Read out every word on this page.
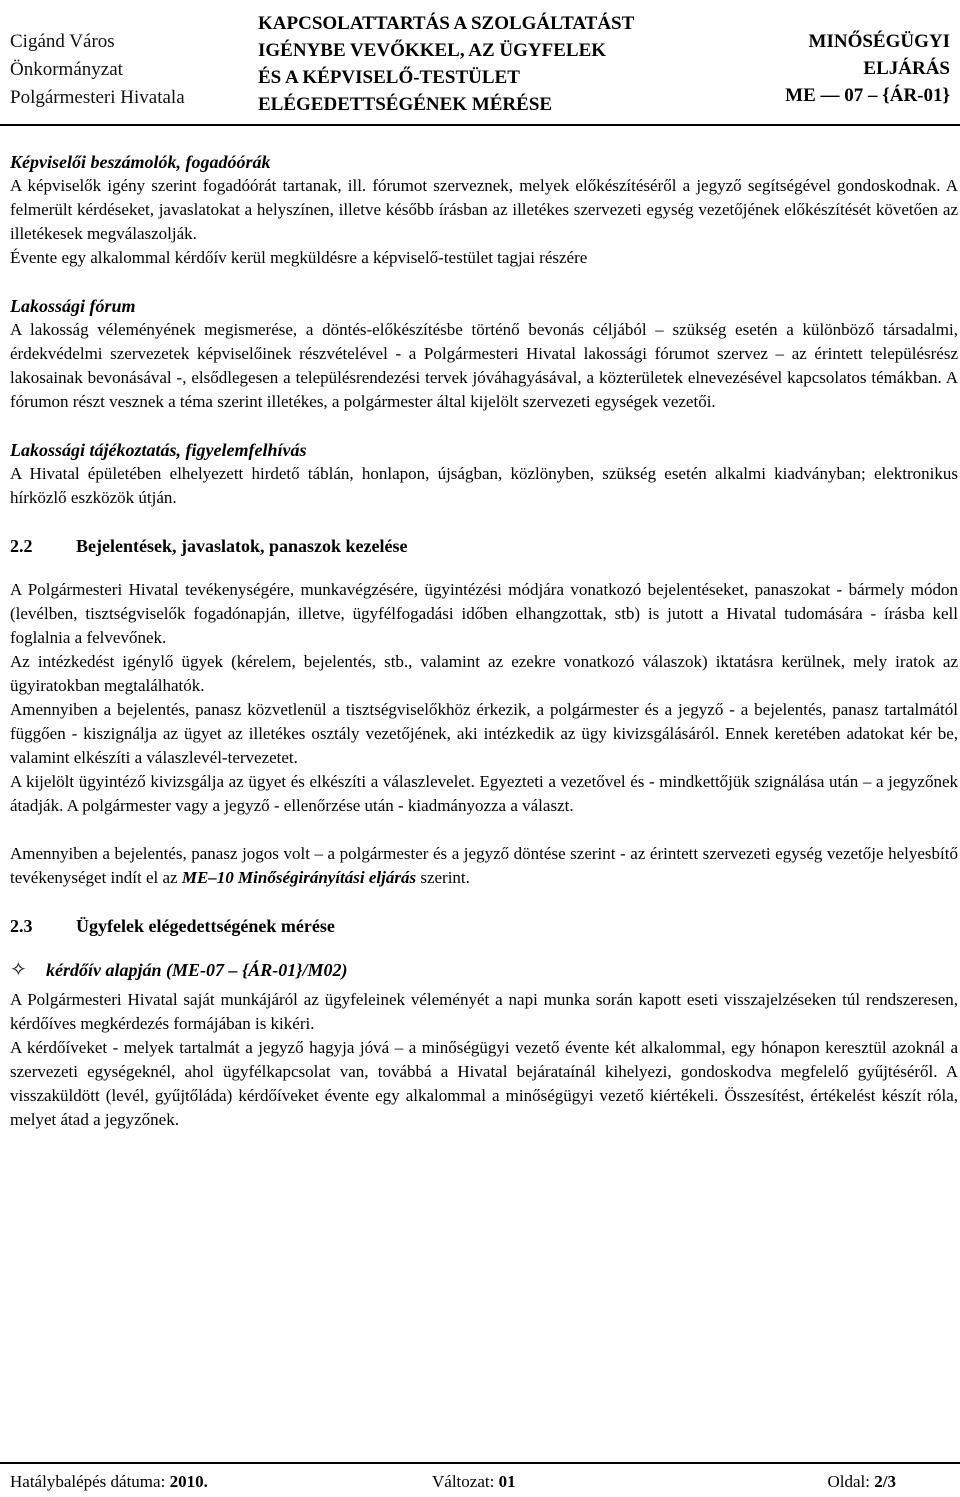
Cigánd Város
Önkormányzat
Polgármesteri Hivatala
KAPCSOLATTARTÁS A SZOLGÁLTATÁST
IGÉNYBE VEVŐKKEL, AZ ÜGYFELEK
ÉS A KÉPVISELŐ-TESTÜLET
ELÉGEDETTSÉGÉNEK MÉRÉSE
MINŐSÉGÜGYI
ELJÁRÁS
ME — 07 – {ÁR-01}
Képviselői beszámolók, fogadóórák

A képviselők igény szerint fogadóórát tartanak, ill. fórumot szerveznek, melyek előkészítéséről a jegyző segítségével gondoskodnak. A felmerült kérdéseket, javaslatokat a helyszínen, illetve később írásban az illetékes szervezeti egység vezetőjének előkészítését követően az illetékesek megválaszolják.

Évente egy alkalommal kérdőív kerül megküldésre a képviselő-testület tagjai részére

Lakossági fórum

A lakosság véleményének megismerése, a döntés-előkészítésbe történő bevonás céljából – szükség esetén a különböző társadalmi, érdekvédelmi szervezetek képviselőinek részvételével - a Polgármesteri Hivatal lakossági fórumot szervez – az érintett településrész lakosainak bevonásával -, elsődlegesen a településrendezési tervek jóváhagyásával, a közterületek elnevezésével kapcsolatos témákban. A fórumon részt vesznek a téma szerint illetékes, a polgármester által kijelölt szervezeti egységek vezetői.

Lakossági tájékoztatás, figyelemfelhívás

A Hivatal épületében elhelyezett hirdető táblán, honlapon, újságban, közlönyben, szükség esetén alkalmi kiadványban; elektronikus hírközlő eszközök útján.

2.2	Bejelentések, javaslatok, panaszok kezelése

A Polgármesteri Hivatal tevékenységére, munkavégzésére, ügyintézési módjára vonatkozó bejelentéseket, panaszokat - bármely módon (levélben, tisztségviselők fogadónapján, illetve, ügyfélfogadási időben elhangzottak, stb) is jutott a Hivatal tudomására - írásba kell foglalnia a felvevőnek.

Az intézkedést igénylő ügyek (kérelem, bejelentés, stb., valamint az ezekre vonatkozó válaszok) iktatásra kerülnek, mely iratok az ügyiratokban megtalálhatók.

Amennyiben a bejelentés, panasz közvetlenül a tisztségviselőkhöz érkezik, a polgármester és a jegyző - a bejelentés, panasz tartalmától függően - kiszignálja az ügyet az illetékes osztály vezetőjének, aki intézkedik az ügy kivizsgálásáról. Ennek keretében adatokat kér be, valamint elkészíti a válaszlevél-tervezetet.

A kijelölt ügyintéző kivizsgálja az ügyet és elkészíti a válaszlevelet. Egyezteti a vezetővel és - mindkettőjük szignálása után – a jegyzőnek átadják. A polgármester vagy a jegyző - ellenőrzése után - kiadmányozza a választ.

Amennyiben a bejelentés, panasz jogos volt – a polgármester és a jegyző döntése szerint - az érintett szervezeti egység vezetője helyesbítő tevékenységet indít el az ME–10 Minőségirányítási eljárás szerint.

2.3	Ügyfelek elégedettségének mérése
✧	kérdőív alapján (ME-07 – {ÁR-01}/M02)

A Polgármesteri Hivatal saját munkájáról az ügyfeleinek véleményét a napi munka során kapott eseti visszajelzéseken túl rendszeresen, kérdőíves megkérdezés formájában is kikéri.

A kérdőíveket - melyek tartalmát a jegyző hagyja jóvá – a minőségügyi vezető évente két alkalommal, egy hónapon keresztül azoknál a szervezeti egységeknél, ahol ügyfélkapcsolat van, továbbá a Hivatal bejárataínál kihelyezi, gondoskodva megfelelő gyűjtéséről. A visszaküldött (levél, gyűjtőláda) kérdőíveket évente egy alkalommal a minőségügyi vezető kiértékeli. Összesítést, értékelést készít róla, melyet átad a jegyzőnek.

Hatálybalépés dátuma: 2010.	Változat: 01	Oldal: 2/3
